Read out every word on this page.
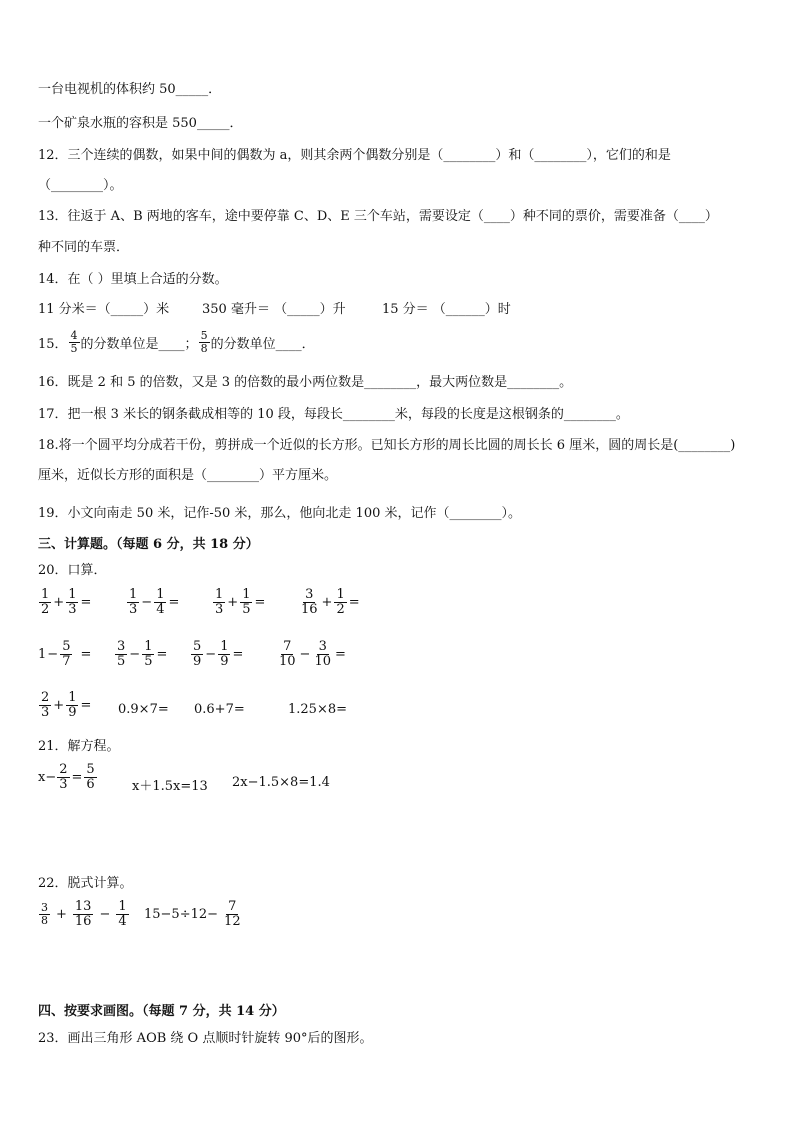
一台电视机的体积约 50_____．
一个矿泉水瓶的容积是 550_____．
12．三个连续的偶数，如果中间的偶数为 a，则其余两个偶数分别是（________）和（________），它们的和是
（________）。
13．往返于 A、B 两地的客车，途中要停靠 C、D、E 三个车站，需要设定（____）种不同的票价，需要准备（____）
种不同的车票．
14．在（ ）里填上合适的分数。
11 分米＝（_____）米	350 毫升＝ （_____）升	15 分＝ （______）时
15． $\frac{4}{5}$ 的分数单位是____； $\frac{5}{8}$ 的分数单位____．
16．既是 2 和 5 的倍数，又是 3 的倍数的最小两位数是________，最大两位数是________。
17．把一根 3 米长的钢条截成相等的 10 段，每段长________米，每段的长度是这根钢条的________。
18.将一个圆平均分成若干份，剪拼成一个近似的长方形。已知长方形的周长比圆的周长长 6 厘米，圆的周长是(________)
厘米，近似长方形的面积是（________）平方厘米。
19．小文向南走 50 米，记作-50 米，那么，他向北走 100 米，记作（________）。
三、计算题。（每题 6 分，共 18 分）
20．口算．
$\frac{1}{2} + \frac{1}{3}$ =	$\frac{1}{3} - \frac{1}{4}$ =	$\frac{1}{3} + \frac{1}{5}$ =	$\frac{3}{16} + \frac{1}{2}$ =
$1 - \frac{5}{7} = \frac{3}{5} - \frac{1}{5} = \frac{5}{9} - \frac{1}{9}$ =	$\frac{7}{10} - \frac{3}{10}$ =
$\frac{2}{3} + \frac{1}{9} = 0.9\times 7= 0.6+7=$	1.25×8=
21．解方程。
$x- \frac{2}{3} = \frac{5}{6}$	x＋1.5x=13 2x−1.5×8=1.4
22．脱式计算。
$\frac{3}{8} + \frac{13}{16} - \frac{1}{4} 15-5\div 12- \frac{7}{12}$
四、按要求画图。（每题 7 分，共 14 分）
23．画出三角形 AOB 绕 O 点顺时针旋转 90°后的图形。
